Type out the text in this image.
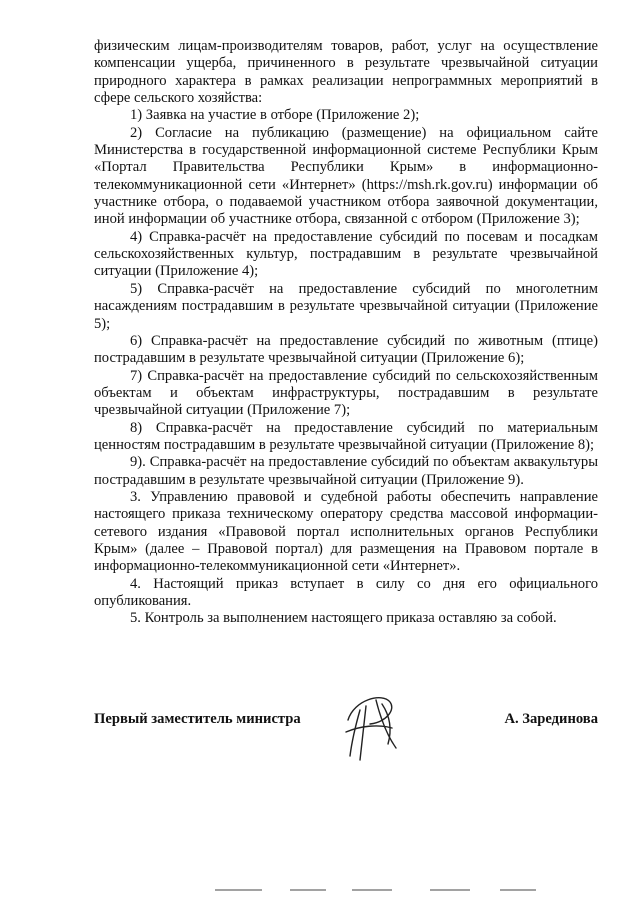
физическим лицам-производителям товаров, работ, услуг на осуществление компенсации ущерба, причиненного в результате чрезвычайной ситуации природного характера в рамках реализации непрограммных мероприятий в сфере сельского хозяйства:

1) Заявка на участие в отборе (Приложение 2);

2) Согласие на публикацию (размещение) на официальном сайте Министерства в государственной информационной системе Республики Крым «Портал Правительства Республики Крым» в информационно-телекоммуникационной сети «Интернет» (https://msh.rk.gov.ru) информации об участнике отбора, о подаваемой участником отбора заявочной документации, иной информации об участнике отбора, связанной с отбором (Приложение 3);

4) Справка-расчёт на предоставление субсидий по посевам и посадкам сельскохозяйственных культур, пострадавшим в результате чрезвычайной ситуации (Приложение 4);

5) Справка-расчёт на предоставление субсидий по многолетним насаждениям пострадавшим в результате чрезвычайной ситуации (Приложение 5);

6) Справка-расчёт на предоставление субсидий по животным (птице) пострадавшим в результате чрезвычайной ситуации (Приложение 6);

7) Справка-расчёт на предоставление субсидий по сельскохозяйственным объектам и объектам инфраструктуры, пострадавшим в результате чрезвычайной ситуации (Приложение 7);

8) Справка-расчёт на предоставление субсидий по материальным ценностям пострадавшим в результате чрезвычайной ситуации (Приложение 8);

9). Справка-расчёт на предоставление субсидий по объектам аквакультуры пострадавшим в результате чрезвычайной ситуации (Приложение 9).

3. Управлению правовой и судебной работы обеспечить направление настоящего приказа техническому оператору средства массовой информации-сетевого издания «Правовой портал исполнительных органов Республики Крым» (далее – Правовой портал) для размещения на Правовом портале в информационно-телекоммуникационной сети «Интернет».

4. Настоящий приказ вступает в силу со дня его официального опубликования.

5. Контроль за выполнением настоящего приказа оставляю за собой.

Первый заместитель министра	А. Зарединова
